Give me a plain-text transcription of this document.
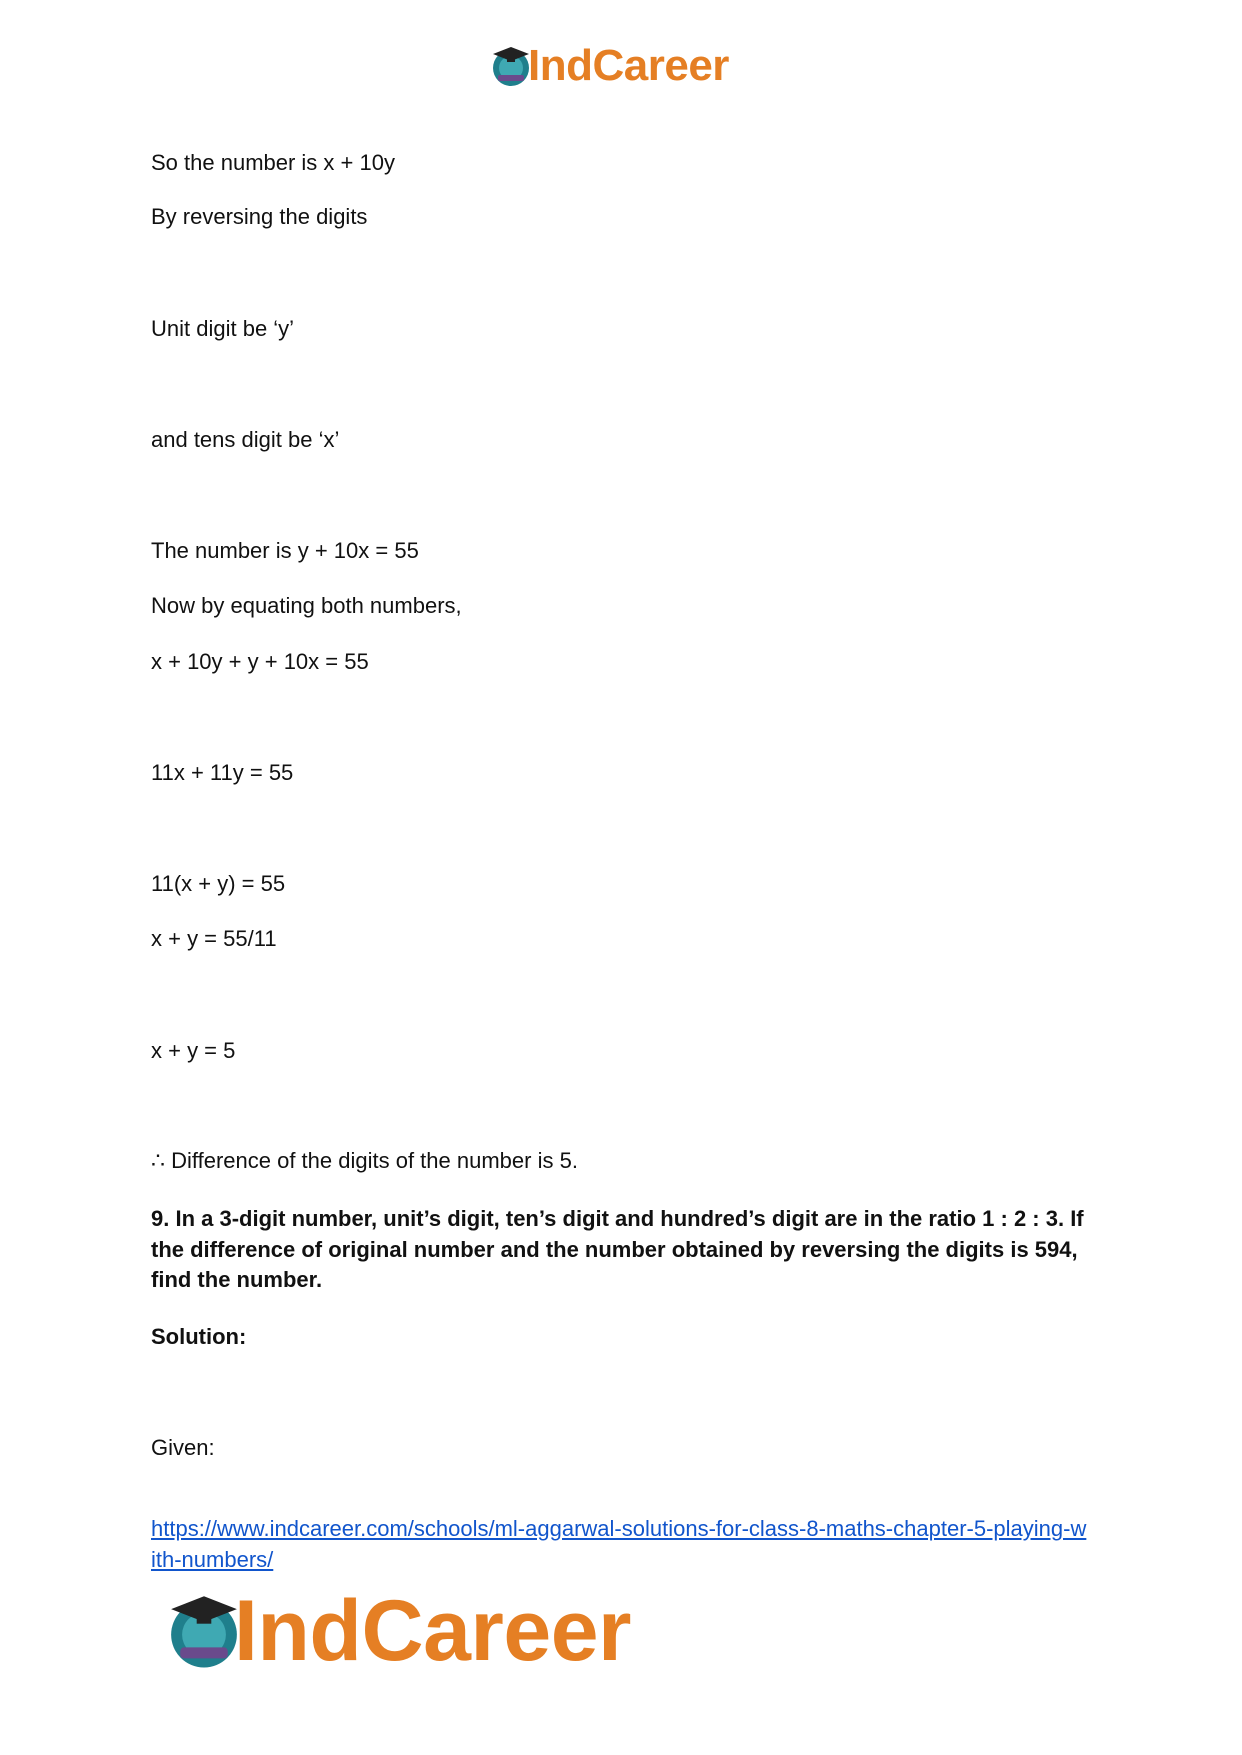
IndCareer

So the number is x + 10y

By reversing the digits

Unit digit be ‘y’

and tens digit be ‘x’

The number is y + 10x = 55

Now by equating both numbers,

x + 10y + y + 10x = 55

11x + 11y = 55

11(x + y) = 55

x + y = 55/11

x + y = 5

∴ Difference of the digits of the number is 5.

9. In a 3-digit number, unit’s digit, ten’s digit and hundred’s digit are in the ratio 1 : 2 : 3. If the difference of original number and the number obtained by reversing the digits is 594, find the number.

Solution:

Given:

https://www.indcareer.com/schools/ml-aggarwal-solutions-for-class-8-maths-chapter-5-playing-with-numbers/
IndCareer
